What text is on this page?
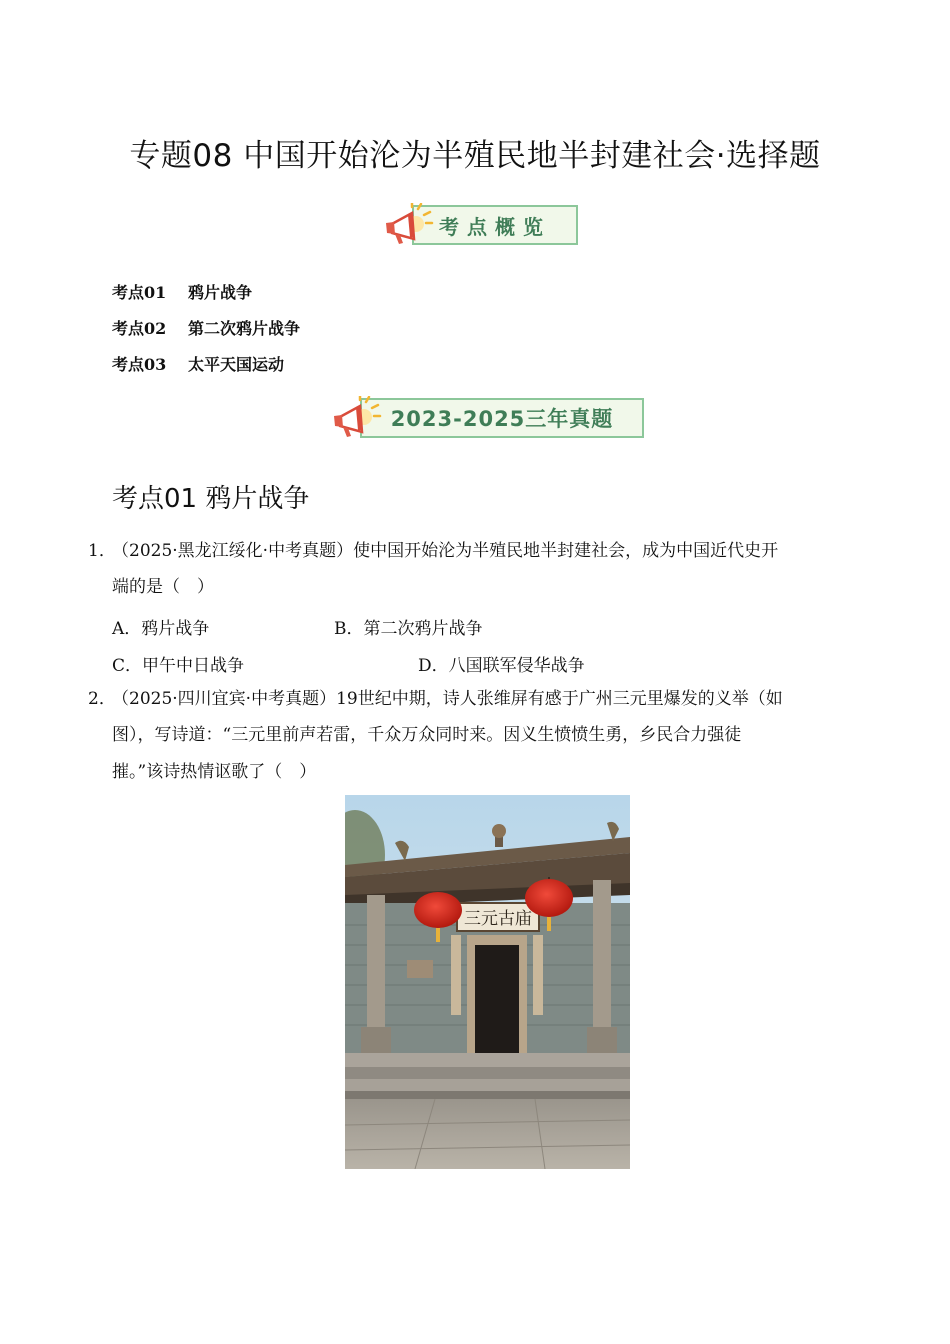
专题08 中国开始沦为半殖民地半封建社会·选择题
考点概览
考点01 鸦片战争
考点02 第二次鸦片战争
考点03 太平天国运动
2023-2025三年真题
考点01 鸦片战争
1．
（2025·黑龙江绥化·中考真题）使中国开始沦为半殖民地半封建社会，成为中国近代史开
端的是（　）
A．鸦片战争	B．第二次鸦片战争
C．甲午中日战争	D．八国联军侵华战争
2．
（2025·四川宜宾·中考真题）19世纪中期，诗人张维屏有感于广州三元里爆发的义举（如
图），写诗道：“三元里前声若雷，千众万众同时来。因义生愤愤生勇，乡民合力强徒
摧。”该诗热情讴歌了（　）
三元古庙
